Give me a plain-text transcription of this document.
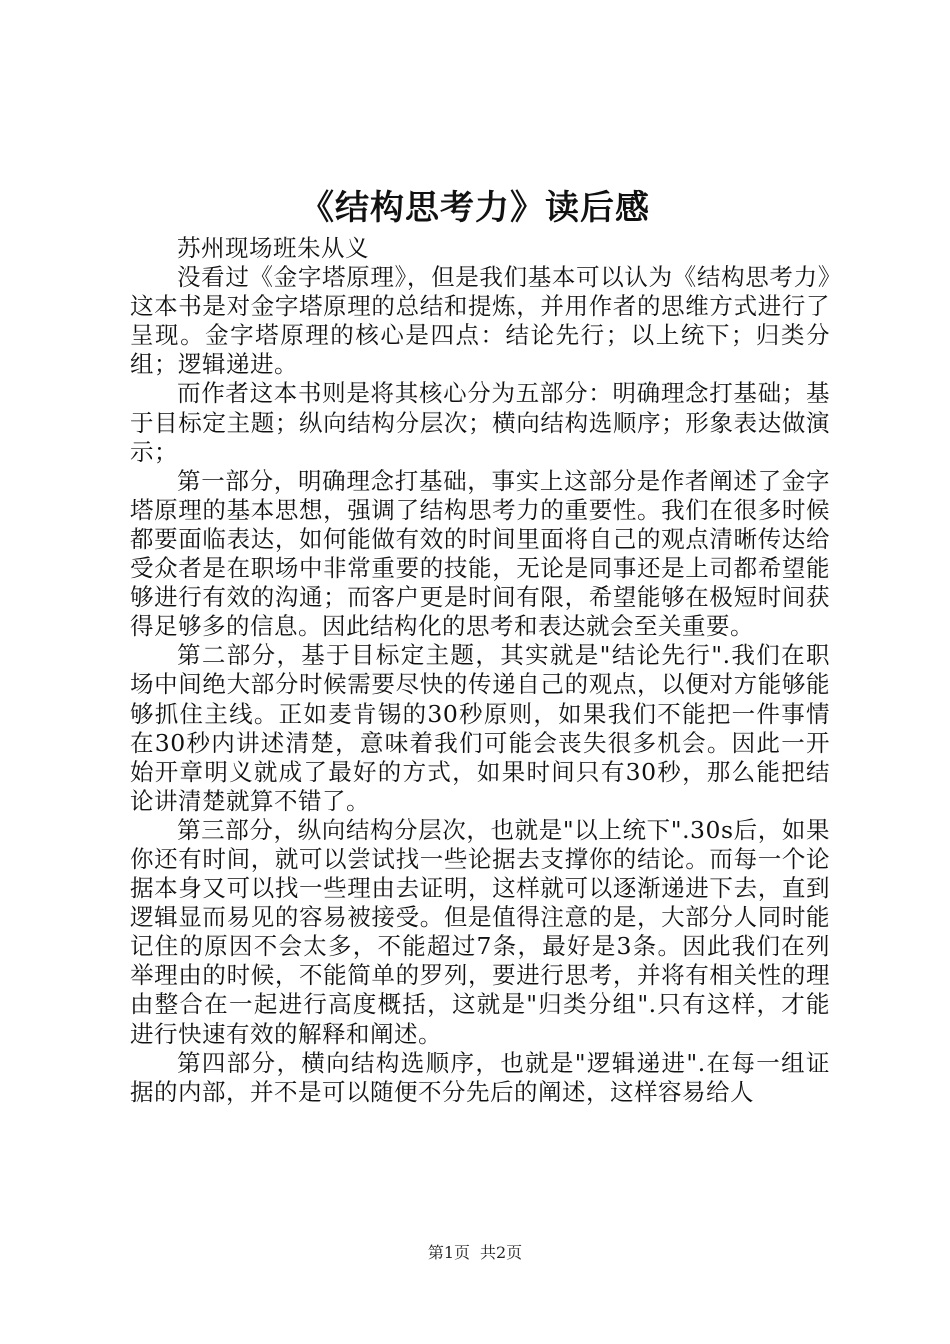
《结构思考力》读后感

苏州现场班朱从义

没看过《金字塔原理》，但是我们基本可以认为《结构思考力》这本书是对金字塔原理的总结和提炼，并用作者的思维方式进行了呈现。金字塔原理的核心是四点：结论先行；以上统下；归类分组；逻辑递进。

而作者这本书则是将其核心分为五部分：明确理念打基础；基于目标定主题；纵向结构分层次；横向结构选顺序；形象表达做演示；

第一部分，明确理念打基础，事实上这部分是作者阐述了金字塔原理的基本思想，强调了结构思考力的重要性。我们在很多时候都要面临表达，如何能做有效的时间里面将自己的观点清晰传达给受众者是在职场中非常重要的技能，无论是同事还是上司都希望能够进行有效的沟通；而客户更是时间有限，希望能够在极短时间获得足够多的信息。因此结构化的思考和表达就会至关重要。

第二部分，基于目标定主题，其实就是"结论先行".我们在职场中间绝大部分时候需要尽快的传递自己的观点，以便对方能够能够抓住主线。正如麦肯锡的30秒原则，如果我们不能把一件事情在30秒内讲述清楚，意味着我们可能会丧失很多机会。因此一开始开章明义就成了最好的方式，如果时间只有30秒，那么能把结论讲清楚就算不错了。

第三部分，纵向结构分层次，也就是"以上统下".30s后，如果你还有时间，就可以尝试找一些论据去支撑你的结论。而每一个论据本身又可以找一些理由去证明，这样就可以逐渐递进下去，直到逻辑显而易见的容易被接受。但是值得注意的是，大部分人同时能记住的原因不会太多，不能超过7条，最好是3条。因此我们在列举理由的时候，不能简单的罗列，要进行思考，并将有相关性的理由整合在一起进行高度概括，这就是"归类分组".只有这样，才能进行快速有效的解释和阐述。

第四部分，横向结构选顺序，也就是"逻辑递进".在每一组证据的内部，并不是可以随便不分先后的阐述，这样容易给人

第1页 共2页
